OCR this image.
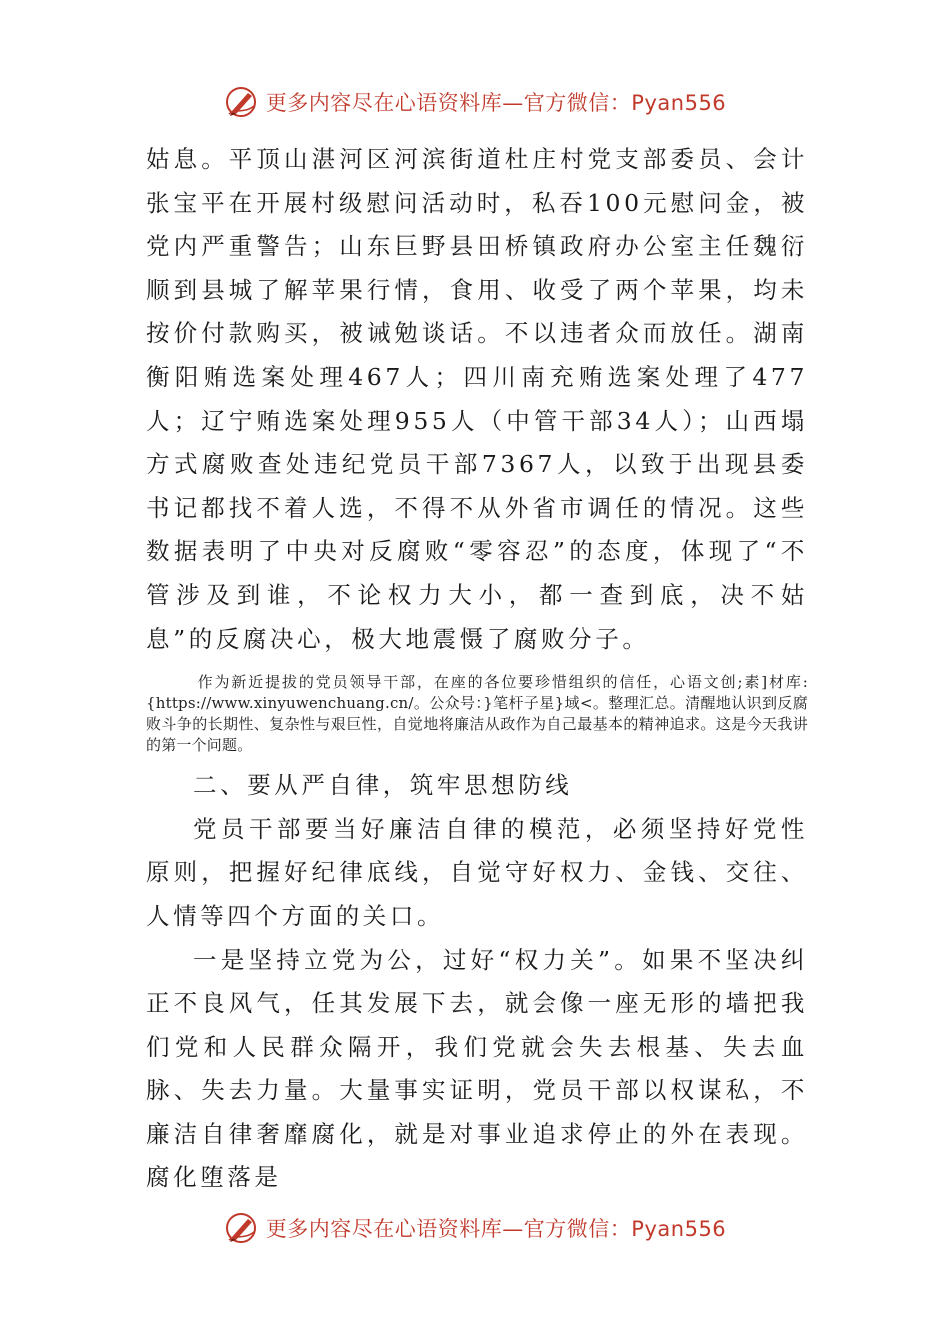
更多内容尽在心语资料库—官方微信：Pyan556

姑息。平顶山湛河区河滨街道杜庄村党支部委员、会计张宝平在开展村级慰问活动时，私吞100元慰问金，被党内严重警告；山东巨野县田桥镇政府办公室主任魏衍顺到县城了解苹果行情，食用、收受了两个苹果，均未按价付款购买，被诫勉谈话。不以违者众而放任。湖南衡阳贿选案处理467人；四川南充贿选案处理了477人；辽宁贿选案处理955人（中管干部34人）；山西塌方式腐败查处违纪党员干部7367人，以致于出现县委书记都找不着人选，不得不从外省市调任的情况。这些数据表明了中央对反腐败“零容忍”的态度，体现了“不管涉及到谁，不论权力大小，都一查到底，决不姑息”的反腐决心，极大地震慑了腐败分子。

作为新近提拔的党员领导干部，在座的各位要珍惜组织的信任，心语文创;素]材库:{https://www.xinyuwenchuang.cn/。公众号：}笔杆子星}域<。整理汇总。清醒地认识到反腐败斗争的长期性、复杂性与艰巨性，自觉地将廉洁从政作为自己最基本的精神追求。这是今天我讲的第一个问题。

二、要从严自律，筑牢思想防线

党员干部要当好廉洁自律的模范，必须坚持好党性原则，把握好纪律底线，自觉守好权力、金钱、交往、人情等四个方面的关口。

一是坚持立党为公，过好“权力关”。如果不坚决纠正不良风气，任其发展下去，就会像一座无形的墙把我们党和人民群众隔开，我们党就会失去根基、失去血脉、失去力量。大量事实证明，党员干部以权谋私，不廉洁自律奢靡腐化，就是对事业追求停止的外在表现。腐化堕落是

更多内容尽在心语资料库—官方微信：Pyan556
